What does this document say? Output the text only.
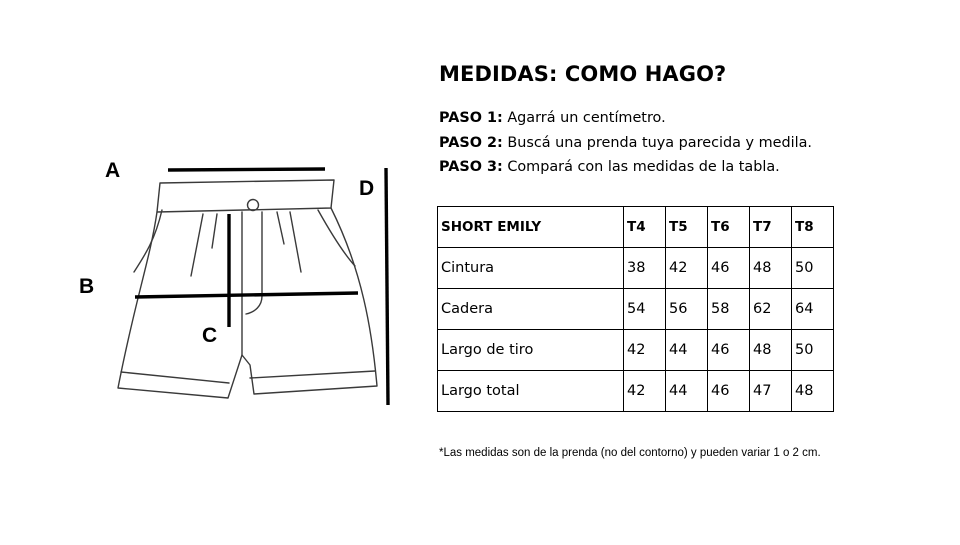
A
B
C
D
MEDIDAS: COMO HAGO?
PASO 1: Agarrá un centímetro.
PASO 2: Buscá una prenda tuya parecida y medila.
PASO 3: Compará con las medidas de la tabla.
SHORT EMILY	T4	T5	T6	T7	T8
Cintura	38	42	46	48	50
Cadera	54	56	58	62	64
Largo de tiro	42	44	46	48	50
Largo total	42	44	46	47	48
*Las medidas son de la prenda (no del contorno) y pueden variar 1 o 2 cm.
